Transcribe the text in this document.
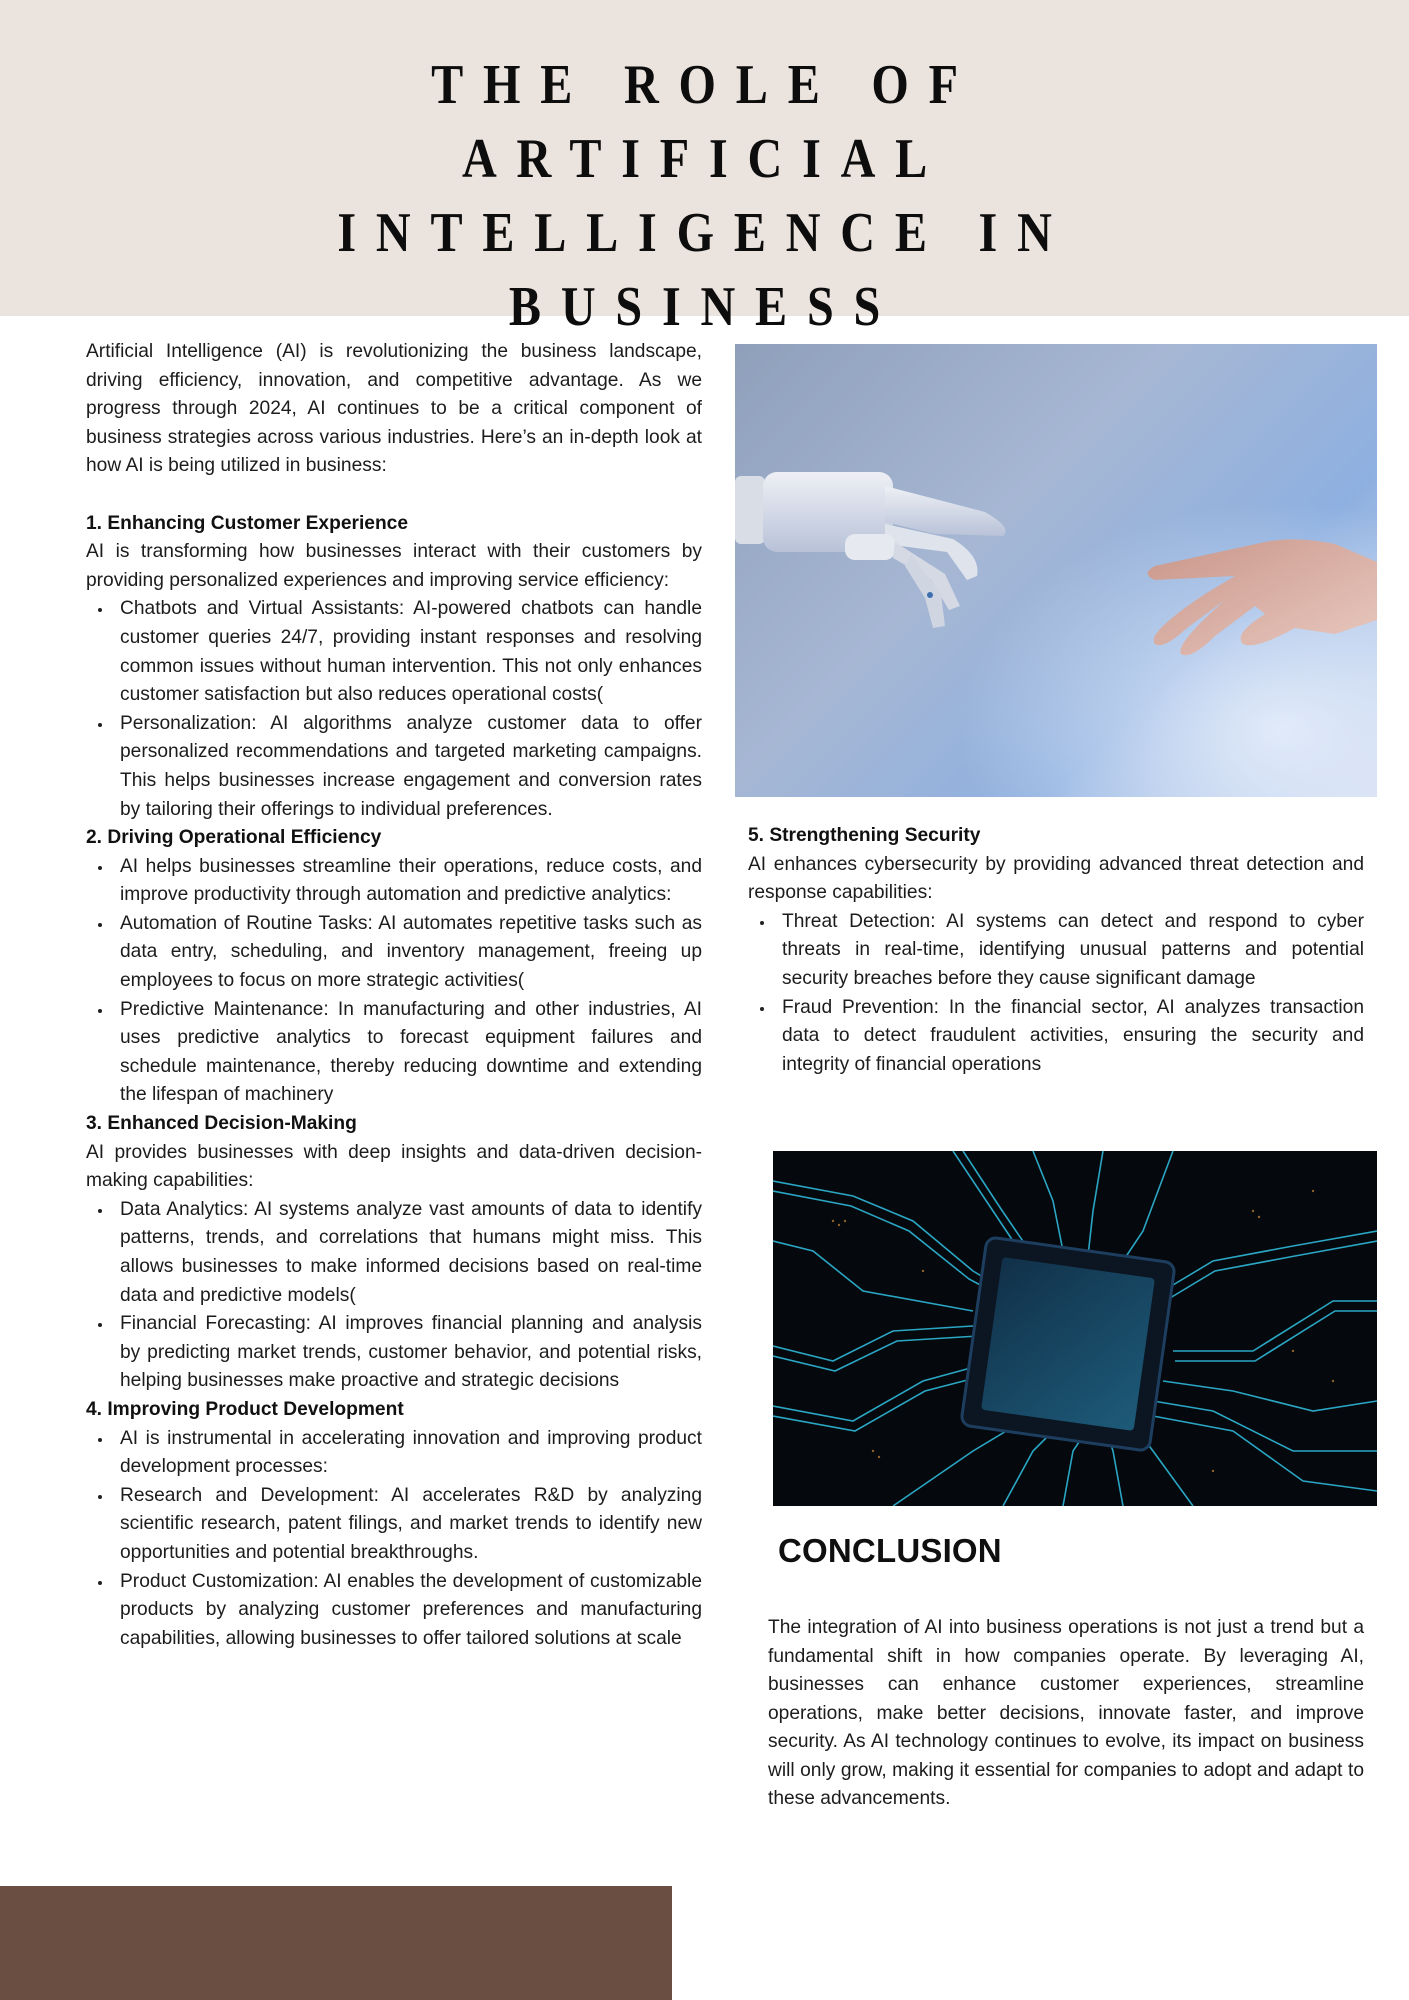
THE ROLE OF ARTIFICIAL INTELLIGENCE IN BUSINESS

Artificial Intelligence (AI) is revolutionizing the business landscape, driving efficiency, innovation, and competitive advantage. As we progress through 2024, AI continues to be a critical component of business strategies across various industries. Here’s an in-depth look at how AI is being utilized in business:

1. Enhancing Customer Experience

AI is transforming how businesses interact with their customers by providing personalized experiences and improving service efficiency:

Chatbots and Virtual Assistants: AI-powered chatbots can handle customer queries 24/7, providing instant responses and resolving common issues without human intervention. This not only enhances customer satisfaction but also reduces operational costs(
Personalization: AI algorithms analyze customer data to offer personalized recommendations and targeted marketing campaigns. This helps businesses increase engagement and conversion rates by tailoring their offerings to individual preferences.
2. Driving Operational Efficiency
AI helps businesses streamline their operations, reduce costs, and improve productivity through automation and predictive analytics:
Automation of Routine Tasks: AI automates repetitive tasks such as data entry, scheduling, and inventory management, freeing up employees to focus on more strategic activities(
Predictive Maintenance: In manufacturing and other industries, AI uses predictive analytics to forecast equipment failures and schedule maintenance, thereby reducing downtime and extending the lifespan of machinery
3. Enhanced Decision-Making

AI provides businesses with deep insights and data-driven decision-making capabilities:

Data Analytics: AI systems analyze vast amounts of data to identify patterns, trends, and correlations that humans might miss. This allows businesses to make informed decisions based on real-time data and predictive models(
Financial Forecasting: AI improves financial planning and analysis by predicting market trends, customer behavior, and potential risks, helping businesses make proactive and strategic decisions
4. Improving Product Development
AI is instrumental in accelerating innovation and improving product development processes:
Research and Development: AI accelerates R&D by analyzing scientific research, patent filings, and market trends to identify new opportunities and potential breakthroughs.
Product Customization: AI enables the development of customizable products by analyzing customer preferences and manufacturing capabilities, allowing businesses to offer tailored solutions at scale
5. Strengthening Security

AI enhances cybersecurity by providing advanced threat detection and response capabilities:

Threat Detection: AI systems can detect and respond to cyber threats in real-time, identifying unusual patterns and potential security breaches before they cause significant damage
Fraud Prevention: In the financial sector, AI analyzes transaction data to detect fraudulent activities, ensuring the security and integrity of financial operations
CONCLUSION

The integration of AI into business operations is not just a trend but a fundamental shift in how companies operate. By leveraging AI, businesses can enhance customer experiences, streamline operations, make better decisions, innovate faster, and improve security. As AI technology continues to evolve, its impact on business will only grow, making it essential for companies to adopt and adapt to these advancements.
